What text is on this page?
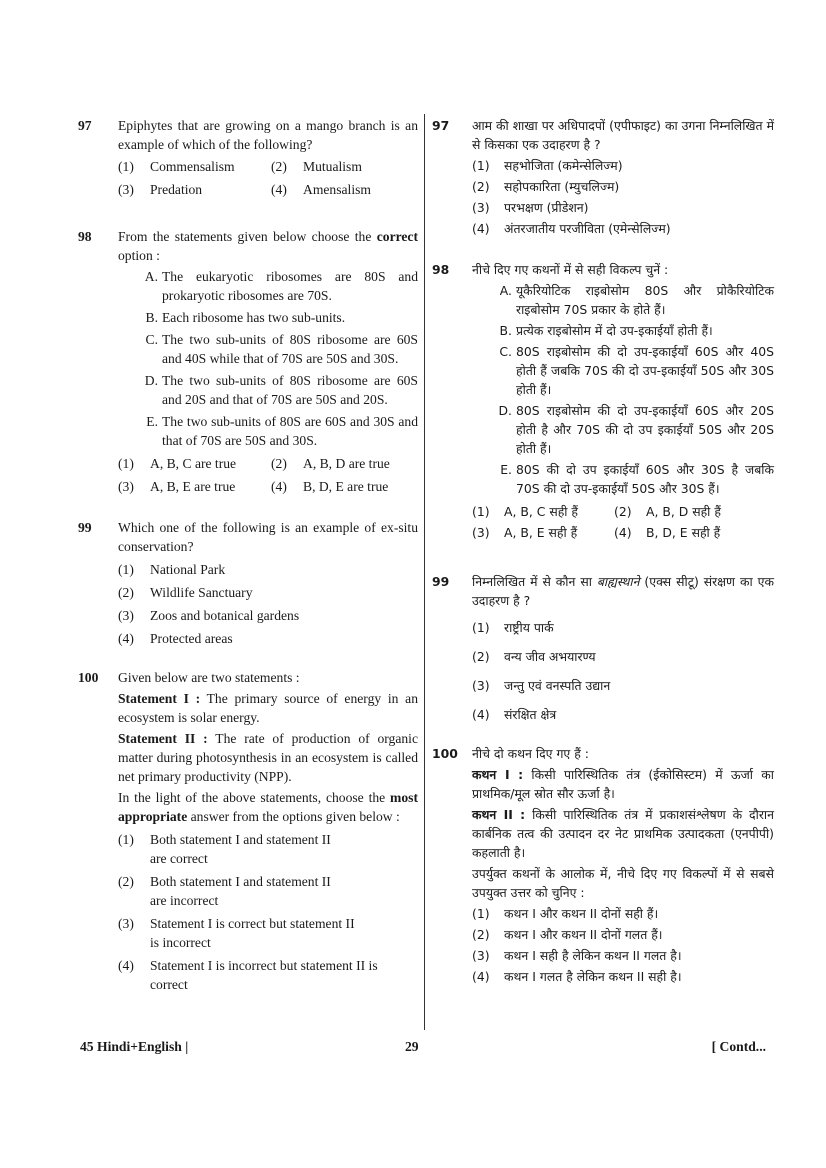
97 Epiphytes that are growing on a mango branch is an example of which of the following?
(1)	Commensalism	(2)	Mutualism
(3)	Predation	(4)	Amensalism
98 From the statements given below choose the correct option :
A. The eukaryotic ribosomes are 80S and prokaryotic ribosomes are 70S.
B. Each ribosome has two sub-units.
C. The two sub-units of 80S ribosome are 60S and 40S while that of 70S are 50S and 30S.
D. The two sub-units of 80S ribosome are 60S and 20S and that of 70S are 50S and 20S.
E. The two sub-units of 80S are 60S and 30S and that of 70S are 50S and 30S.
(1)	A, B, C are true	(2)	A, B, D are true
(3)	A, B, E are true	(4)	B, D, E are true
99 Which one of the following is an example of ex-situ conservation?
(1)	National Park
(2)	Wildlife Sanctuary
(3)	Zoos and botanical gardens
(4)	Protected areas
100 Given below are two statements :
Statement I : The primary source of energy in an ecosystem is solar energy.
Statement II : The rate of production of organic matter during photosynthesis in an ecosystem is called net primary productivity (NPP).
In the light of the above statements, choose the most appropriate answer from the options given below :
(1)	Both statement I and statement II
are correct
(2)	Both statement I and statement II
are incorrect
(3)	Statement I is correct but statement II
is incorrect
(4)	Statement I is incorrect but statement II is
correct
97 आम की शाखा पर अधिपादपों (एपीफाइट) का उगना निम्नलिखित में से किसका एक उदाहरण है ?
(1)	सहभोजिता (कमेन्सेलिज्म)
(2)	सहोपकारिता (म्युचलिज्म)
(3)	परभक्षण (प्रीडेशन)
(4)	अंतरजातीय परजीविता (एमेन्सेलिज्म)
98 नीचे दिए गए कथनों में से सही विकल्प चुनें :
A. यूकैरियोटिक राइबोसोम 80S और प्रोकैरियोटिक राइबोसोम 70S प्रकार के होते हैं।
B. प्रत्येक राइबोसोम में दो उप-इकाईयाँ होती हैं।
C. 80S राइबोसोम की दो उप-इकाईयाँ 60S और 40S होती हैं जबकि 70S की दो उप-इकाईयाँ 50S और 30S होती हैं।
D. 80S राइबोसोम की दो उप-इकाईयाँ 60S और 20S होती है और 70S की दो उप इकाईयाँ 50S और 20S होती हैं।
E. 80S की दो उप इकाईयाँ 60S और 30S है जबकि 70S की दो उप-इकाईयाँ 50S और 30S हैं।
(1)	A, B, C सही हैं	(2)	A, B, D सही हैं
(3)	A, B, E सही हैं	(4)	B, D, E सही हैं
99 निम्नलिखित में से कौन सा बाह्यस्थाने (एक्स सीटू) संरक्षण का एक उदाहरण है ?
(1)	राष्ट्रीय पार्क
(2)	वन्य जीव अभयारण्य
(3)	जन्तु एवं वनस्पति उद्यान
(4)	संरक्षित क्षेत्र
100 नीचे दो कथन दिए गए हैं :
कथन I : किसी पारिस्थितिक तंत्र (ईकोसिस्टम) में ऊर्जा का प्राथमिक/मूल स्रोत सौर ऊर्जा है।
कथन II : किसी पारिस्थितिक तंत्र में प्रकाशसंश्लेषण के दौरान कार्बनिक तत्व की उत्पादन दर नेट प्राथमिक उत्पादकता (एनपीपी) कहलाती है।
उपर्युक्त कथनों के आलोक में, नीचे दिए गए विकल्पों में से सबसे उपयुक्त उत्तर को चुनिए :
(1)	कथन I और कथन II दोनों सही हैं।
(2)	कथन I और कथन II दोनों गलत हैं।
(3)	कथन I सही है लेकिन कथन II गलत है।
(4)	कथन I गलत है लेकिन कथन II सही है।
45 Hindi+English |	29	[ Contd...
